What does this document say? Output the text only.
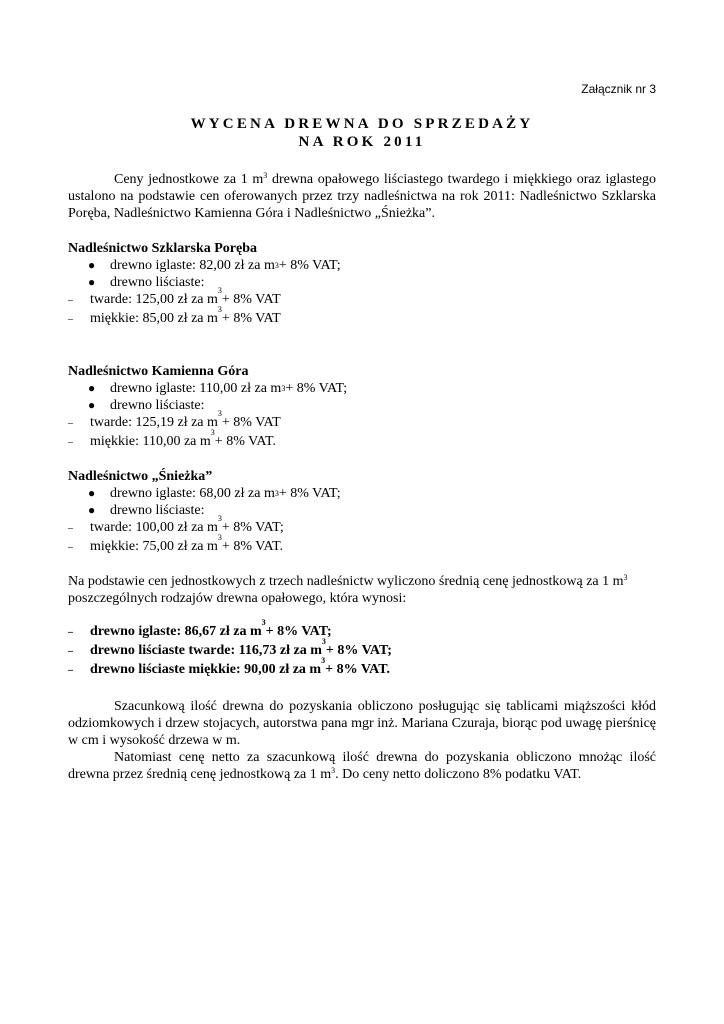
Załącznik nr 3
WYCENA DREWNA DO SPRZEDAŻY
NA ROK 2011

Ceny jednostkowe za 1 $m^3$ drewna opałowego liściastego twardego i miękkiego oraz iglastego ustalono na podstawie cen oferowanych przez trzy nadleśnictwa na rok 2011: Nadleśnictwo Szklarska Poręba, Nadleśnictwo Kamienna Góra i Nadleśnictwo „Śnieżka”.

Nadleśnictwo Szklarska Poręba

●	drewno iglaste: 82,00 zł za m 3 + 8% VAT;

●	drewno liściaste:

–	twarde: 125,00 zł za m
3
+ 8% VAT

–	miękkie: 85,00 zł za m
3
+ 8% VAT

Nadleśnictwo Kamienna Góra

●	drewno iglaste: 110,00 zł za m 3 + 8% VAT;

●	drewno liściaste:

–	twarde: 125,19 zł za m
3
+ 8% VAT

–	miękkie: 110,00 za m
3
+ 8% VAT.

Nadleśnictwo „Śnieżka”

●	drewno iglaste: 68,00 zł za m 3 + 8% VAT;

●	drewno liściaste:

–	twarde: 100,00 zł za m
3
+ 8% VAT;

–	miękkie: 75,00 zł za m
3
+ 8% VAT.

Na podstawie cen jednostkowych z trzech nadleśnictw wyliczono średnią cenę jednostkową za 1 $m^3$
poszczególnych rodzajów drewna opałowego, która wynosi:

–	drewno iglaste: 86,67 zł za m
3
+ 8% VAT;

–	drewno liściaste twarde: 116,73 zł za m
3
+ 8% VAT;

–	drewno liściaste miękkie: 90,00 zł za m
3
+ 8% VAT.

Szacunkową ilość drewna do pozyskania obliczono posługując się tablicami miąższości kłód odziomkowych i drzew stojacych, autorstwa pana mgr inż. Mariana Czuraja, biorąc pod uwagę pierśnicę w cm i wysokość drzewa w m.

Natomiast cenę netto za szacunkową ilość drewna do pozyskania obliczono mnożąc ilość drewna przez średnią cenę jednostkową za 1 $m^3$. Do ceny netto doliczono 8% podatku VAT.
